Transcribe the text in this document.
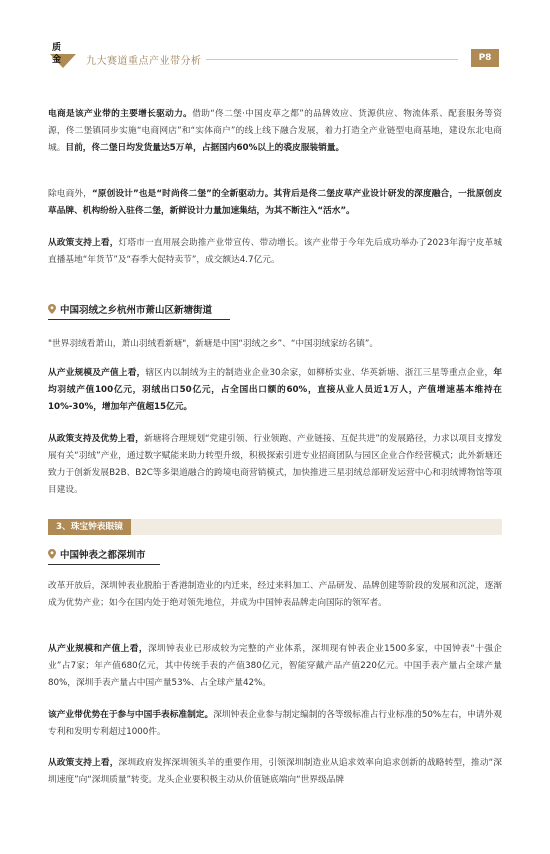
质
金 九大赛道重点产业带分析	P8

电商是该产业带的主要增长驱动力。借助“佟二堡·中国皮草之都”的品牌效应、货源供应、物流体系、配套服务等资源，佟二堡镇同步实施“电商网店”和“实体商户”的线上线下融合发展，着力打造全产业链型电商基地，建设东北电商城。目前，佟二堡日均发货量达5万单，占据国内60%以上的裘皮服装销量。

除电商外，“原创设计”也是“时尚佟二堡”的全新驱动力。其背后是佟二堡皮草产业设计研发的深度融合，一批原创皮草品牌、机构纷纷入驻佟二堡，新鲜设计力量加速集结，为其不断注入“活水”。

从政策支持上看，灯塔市一直用展会助推产业带宣传、带动增长。该产业带于今年先后成功举办了2023年海宁皮革城直播基地“年货节”及“春季大促特卖节”，成交额达4.7亿元。

中国羽绒之乡杭州市萧山区新塘街道

"世界羽绒看萧山，萧山羽绒看新塘"，新塘是中国“羽绒之乡”、“中国羽绒家纺名镇”。

从产业规模及产值上看，辖区内以制绒为主的制造业企业30余家，如柳桥实业、华英新塘、浙江三星等重点企业，年均羽绒产值100亿元，羽绒出口50亿元，占全国出口额的60%，直接从业人员近1万人，产值增速基本维持在10%-30%，增加年产值超15亿元。

从政策支持及优势上看，新塘将合理规划“党建引领、行业领跑、产业链接、互促共进”的发展路径，力求以项目支撑发展有关“羽绒”产业，通过数字赋能来助力转型升级，积极探索引进专业招商团队与园区企业合作经营模式；此外新塘还致力于创新发展B2B、B2C等多渠道融合的跨境电商营销模式，加快推进三星羽绒总部研发运营中心和羽绒博物馆等项目建设。

3、珠宝钟表眼镜
中国钟表之都深圳市

改革开放后，深圳钟表业脱胎于香港制造业的内迁来，经过来料加工、产品研发、品牌创建等阶段的发展和沉淀，逐渐成为优势产业；如今在国内处于绝对领先地位，并成为中国钟表品牌走向国际的领军者。

从产业规模和产值上看，深圳钟表业已形成较为完整的产业体系，深圳现有钟表企业1500多家，中国钟表“十强企业”占7家；年产值680亿元，其中传统手表的产值380亿元，智能穿戴产品产值220亿元。中国手表产量占全球产量80%，深圳手表产量占中国产量53%、占全球产量42%。

该产业带优势在于参与中国手表标准制定。深圳钟表企业参与制定编制的各等级标准占行业标准的50%左右，申请外观专利和发明专利超过1000件。

从政策支持上看，深圳政府发挥深圳领头羊的重要作用，引领深圳制造业从追求效率向追求创新的战略转型，推动“深圳速度”向“深圳质量”转变。龙头企业要积极主动从价值链底端向“世界级品牌
